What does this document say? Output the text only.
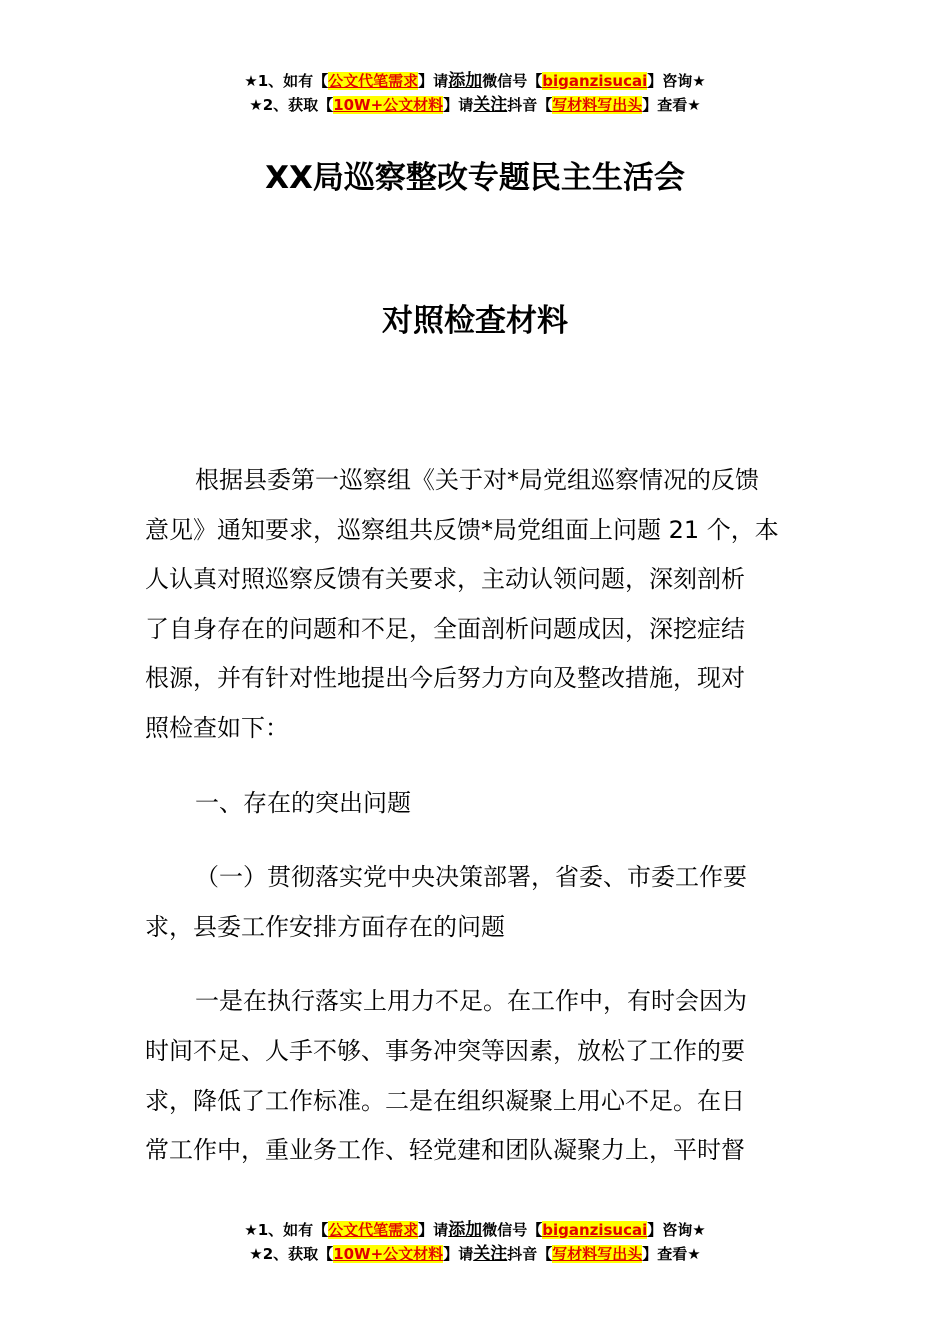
★1、如有【公文代笔需求】请添加微信号【biganzisucai】咨询★
★2、获取【10W+公文材料】请关注抖音【写材料写出头】查看★
XX局巡察整改专题民主生活会
对照检查材料
根据县委第一巡察组《关于对*局党组巡察情况的反馈
意见》通知要求，巡察组共反馈*局党组面上问题 21 个，本
人认真对照巡察反馈有关要求，主动认领问题，深刻剖析
了自身存在的问题和不足，全面剖析问题成因，深挖症结
根源，并有针对性地提出今后努力方向及整改措施，现对
照检查如下：
一、存在的突出问题
（一）贯彻落实党中央决策部署，省委、市委工作要
求，县委工作安排方面存在的问题
一是在执行落实上用力不足。在工作中，有时会因为
时间不足、人手不够、事务冲突等因素，放松了工作的要
求，降低了工作标准。二是在组织凝聚上用心不足。在日
常工作中，重业务工作、轻党建和团队凝聚力上，平时督
★1、如有【公文代笔需求】请添加微信号【biganzisucai】咨询★
★2、获取【10W+公文材料】请关注抖音【写材料写出头】查看★
